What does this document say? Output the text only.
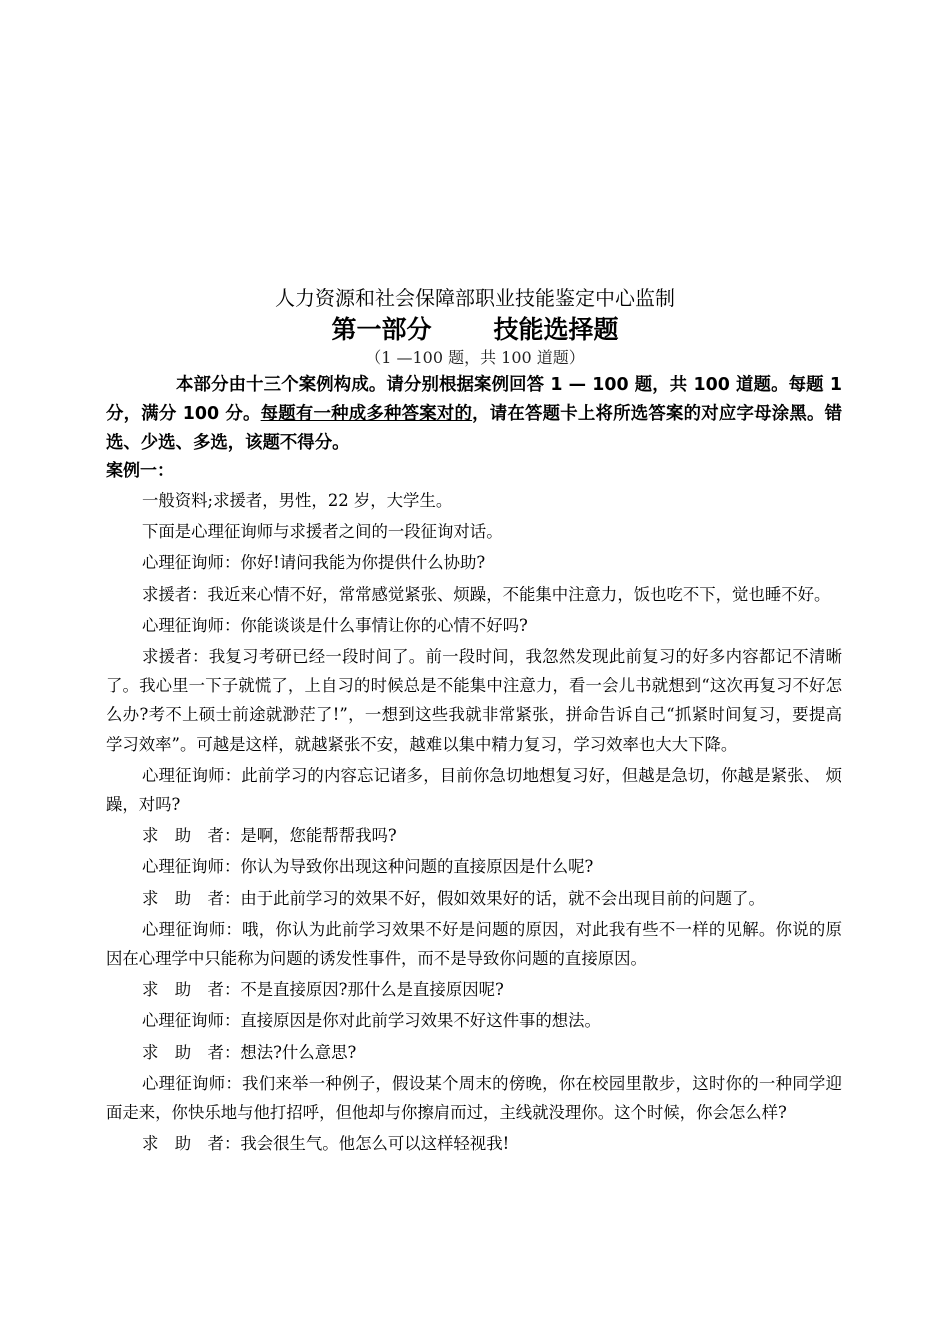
人力资源和社会保障部职业技能鉴定中心监制
第一部分 技能选择题
（1 —100 题，共 100 道题）

本部分由十三个案例构成。请分别根据案例回答 1 — 100 题，共 100 道题。每题 1 分，满分 100 分。每题有一种成多种答案对的，请在答题卡上将所选答案的对应字母涂黑。错选、少选、多选，该题不得分。

案例一：

一般资料;求援者，男性，22 岁，大学生。

下面是心理征询师与求援者之间的一段征询对话。

心理征询师：你好!请问我能为你提供什么协助?

求援者：我近来心情不好，常常感觉紧张、烦躁，不能集中注意力，饭也吃不下，觉也睡不好。

心理征询师：你能谈谈是什么事情让你的心情不好吗?

求援者：我复习考研已经一段时间了。前一段时间，我忽然发现此前复习的好多内容都记不清晰了。我心里一下子就慌了，上自习的时候总是不能集中注意力，看一会儿书就想到“这次再复习不好怎么办?考不上硕士前途就渺茫了!”，一想到这些我就非常紧张，拼命告诉自己“抓紧时间复习，要提高学习效率”。可越是这样，就越紧张不安，越难以集中精力复习，学习效率也大大下降。

心理征询师：此前学习的内容忘记诸多，目前你急切地想复习好，但越是急切，你越是紧张、 烦躁，对吗?

求　助　者：是啊，您能帮帮我吗?

心理征询师：你认为导致你出现这种问题的直接原因是什么呢?

求　助　者：由于此前学习的效果不好，假如效果好的话，就不会出现目前的问题了。

心理征询师：哦，你认为此前学习效果不好是问题的原因，对此我有些不一样的见解。你说的原因在心理学中只能称为问题的诱发性事件，而不是导致你问题的直接原因。

求　助　者：不是直接原因?那什么是直接原因呢?

心理征询师：直接原因是你对此前学习效果不好这件事的想法。

求　助　者：想法?什么意思?

心理征询师：我们来举一种例子，假设某个周末的傍晚，你在校园里散步，这时你的一种同学迎面走来，你快乐地与他打招呼，但他却与你擦肩而过，主线就没理你。这个时候，你会怎么样?

求　助　者：我会很生气。他怎么可以这样轻视我!
